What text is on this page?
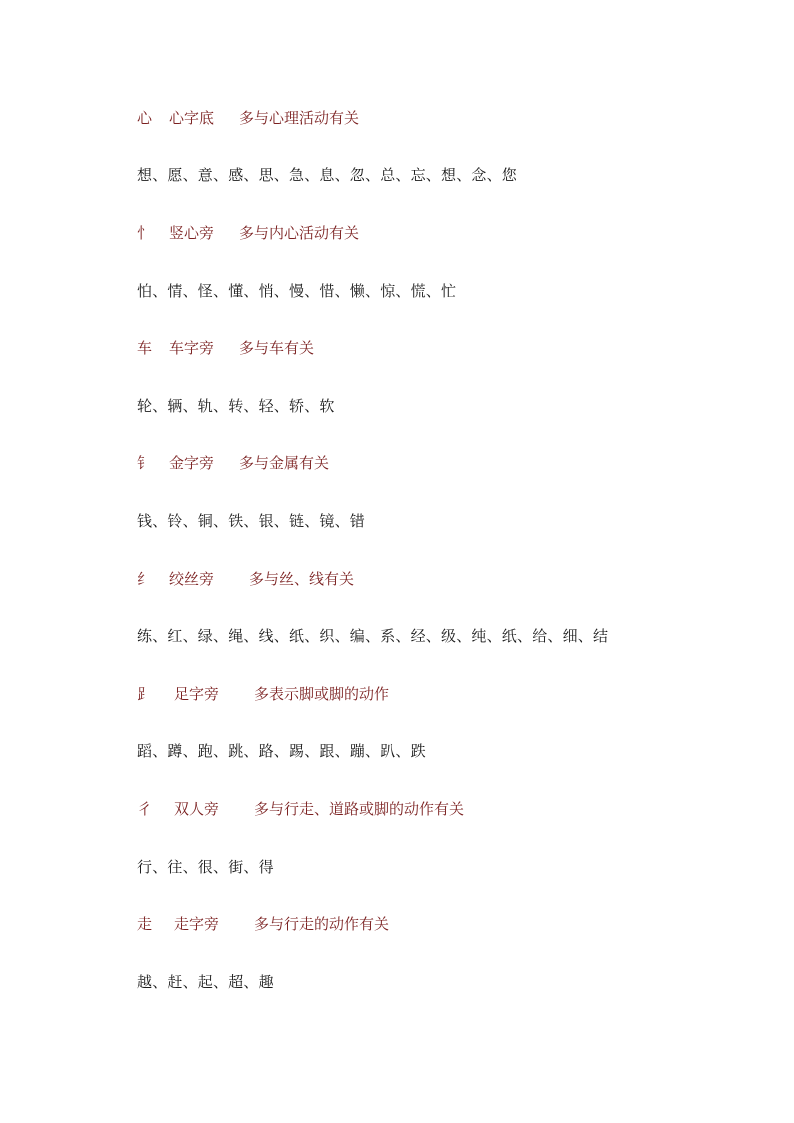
心 心字底 多与心理活动有关
想、愿、意、感、思、急、息、忽、总、忘、想、念、您
忄 竖心旁 多与内心活动有关
怕、情、怪、懂、悄、慢、惜、懒、惊、慌、忙
车 车字旁 多与车有关
轮、辆、轨、转、轻、轿、软
钅 金字旁 多与金属有关
钱、铃、铜、铁、银、链、镜、错
纟 绞丝旁 多与丝、线有关
练、红、绿、绳、线、纸、织、编、系、经、级、纯、纸、给、细、结
⻊ 足字旁 多表示脚或脚的动作
蹈、蹲、跑、跳、路、踢、跟、蹦、趴、跌
彳 双人旁 多与行走、道路或脚的动作有关
行、往、很、街、得
走 走字旁 多与行走的动作有关
越、赶、起、超、趣
